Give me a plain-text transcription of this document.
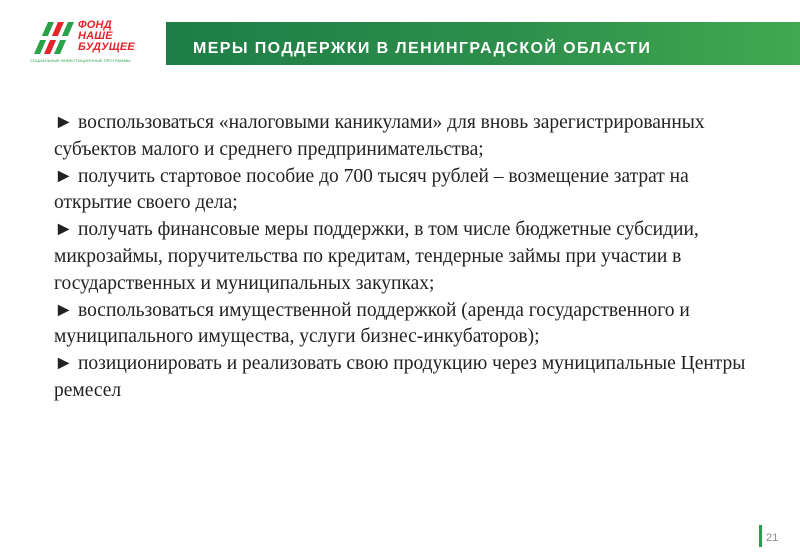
ФОНД
НАШЕ
БУДУЩЕЕ
СОЦИАЛЬНЫЕ ИНВЕСТИЦИОННЫЕ ПРОГРАММЫ
МЕРЫ ПОДДЕРЖКИ В ЛЕНИНГРАДСКОЙ ОБЛАСТИ

► воспользоваться «налоговыми каникулами» для вновь зарегистрированных субъектов малого и среднего предпринимательства;

► получить стартовое пособие до 700 тысяч рублей – возмещение затрат на открытие своего дела;

► получать финансовые меры поддержки, в том числе бюджетные субсидии, микрозаймы, поручительства по кредитам, тендерные займы при участии в государственных и муниципальных закупках;

► воспользоваться имущественной поддержкой (аренда государственного и муниципального имущества, услуги бизнес-инкубаторов);

► позиционировать и реализовать свою продукцию через муниципальные Центры ремесел

21
